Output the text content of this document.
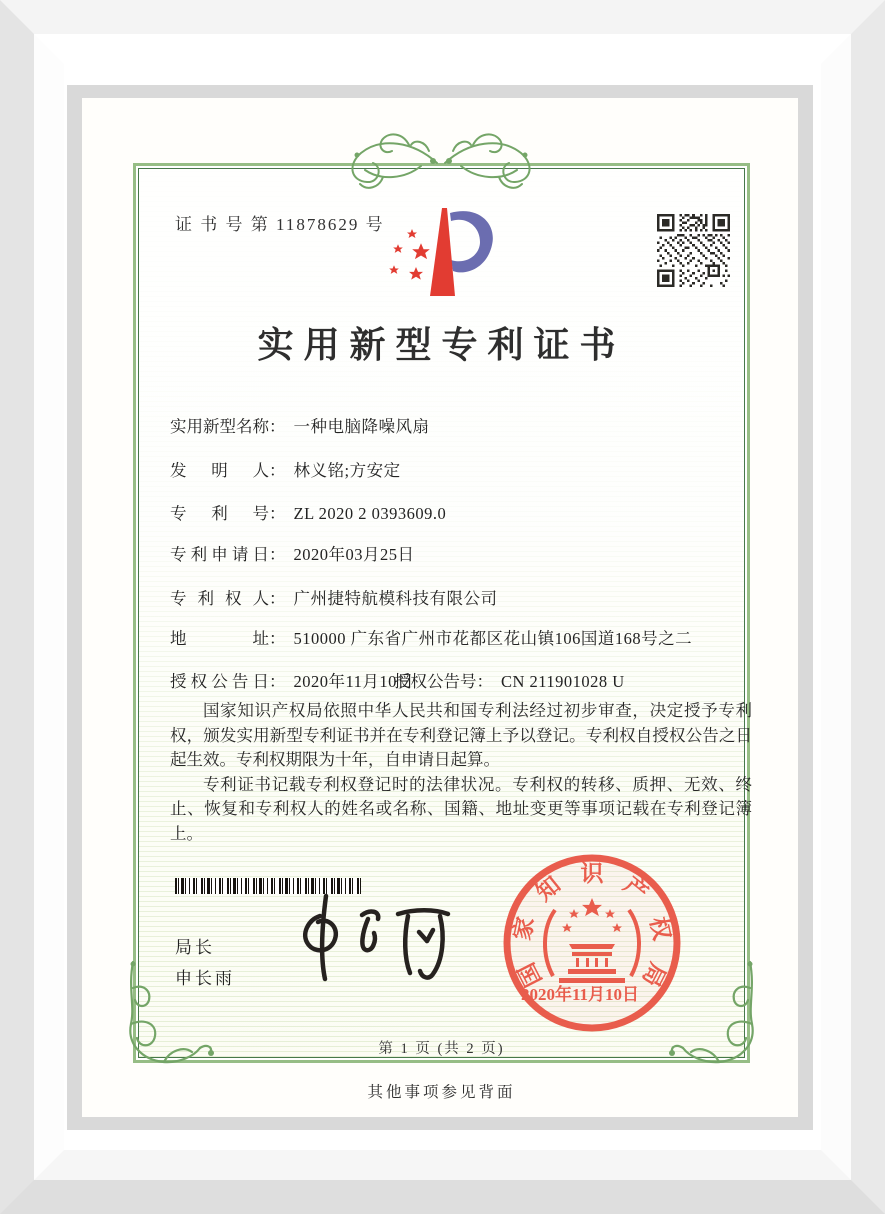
证 书 号 第 11878629 号
实用新型专利证书
实用新型名称： 一种电脑降噪风扇
发明人： 林义铭;方安定
专利号： ZL 2020 2 0393609.0
专利申请日： 2020年03月25日
专利权人： 广州捷特航模科技有限公司
地址： 510000 广东省广州市花都区花山镇106国道168号之二
授权公告日： 2020年11月10日
授权公告号： CN 211901028 U

国家知识产权局依照中华人民共和国专利法经过初步审查，决定授予专利权，颁发实用新型专利证书并在专利登记簿上予以登记。专利权自授权公告之日起生效。专利权期限为十年，自申请日起算。

专利证书记载专利权登记时的法律状况。专利权的转移、质押、无效、终止、恢复和专利权人的姓名或名称、国籍、地址变更等事项记载在专利登记簿上。

局长
申长雨	国
家
知 识 产
权
局
2020年11月10日
第 1 页 (共 2 页)
其他事项参见背面
